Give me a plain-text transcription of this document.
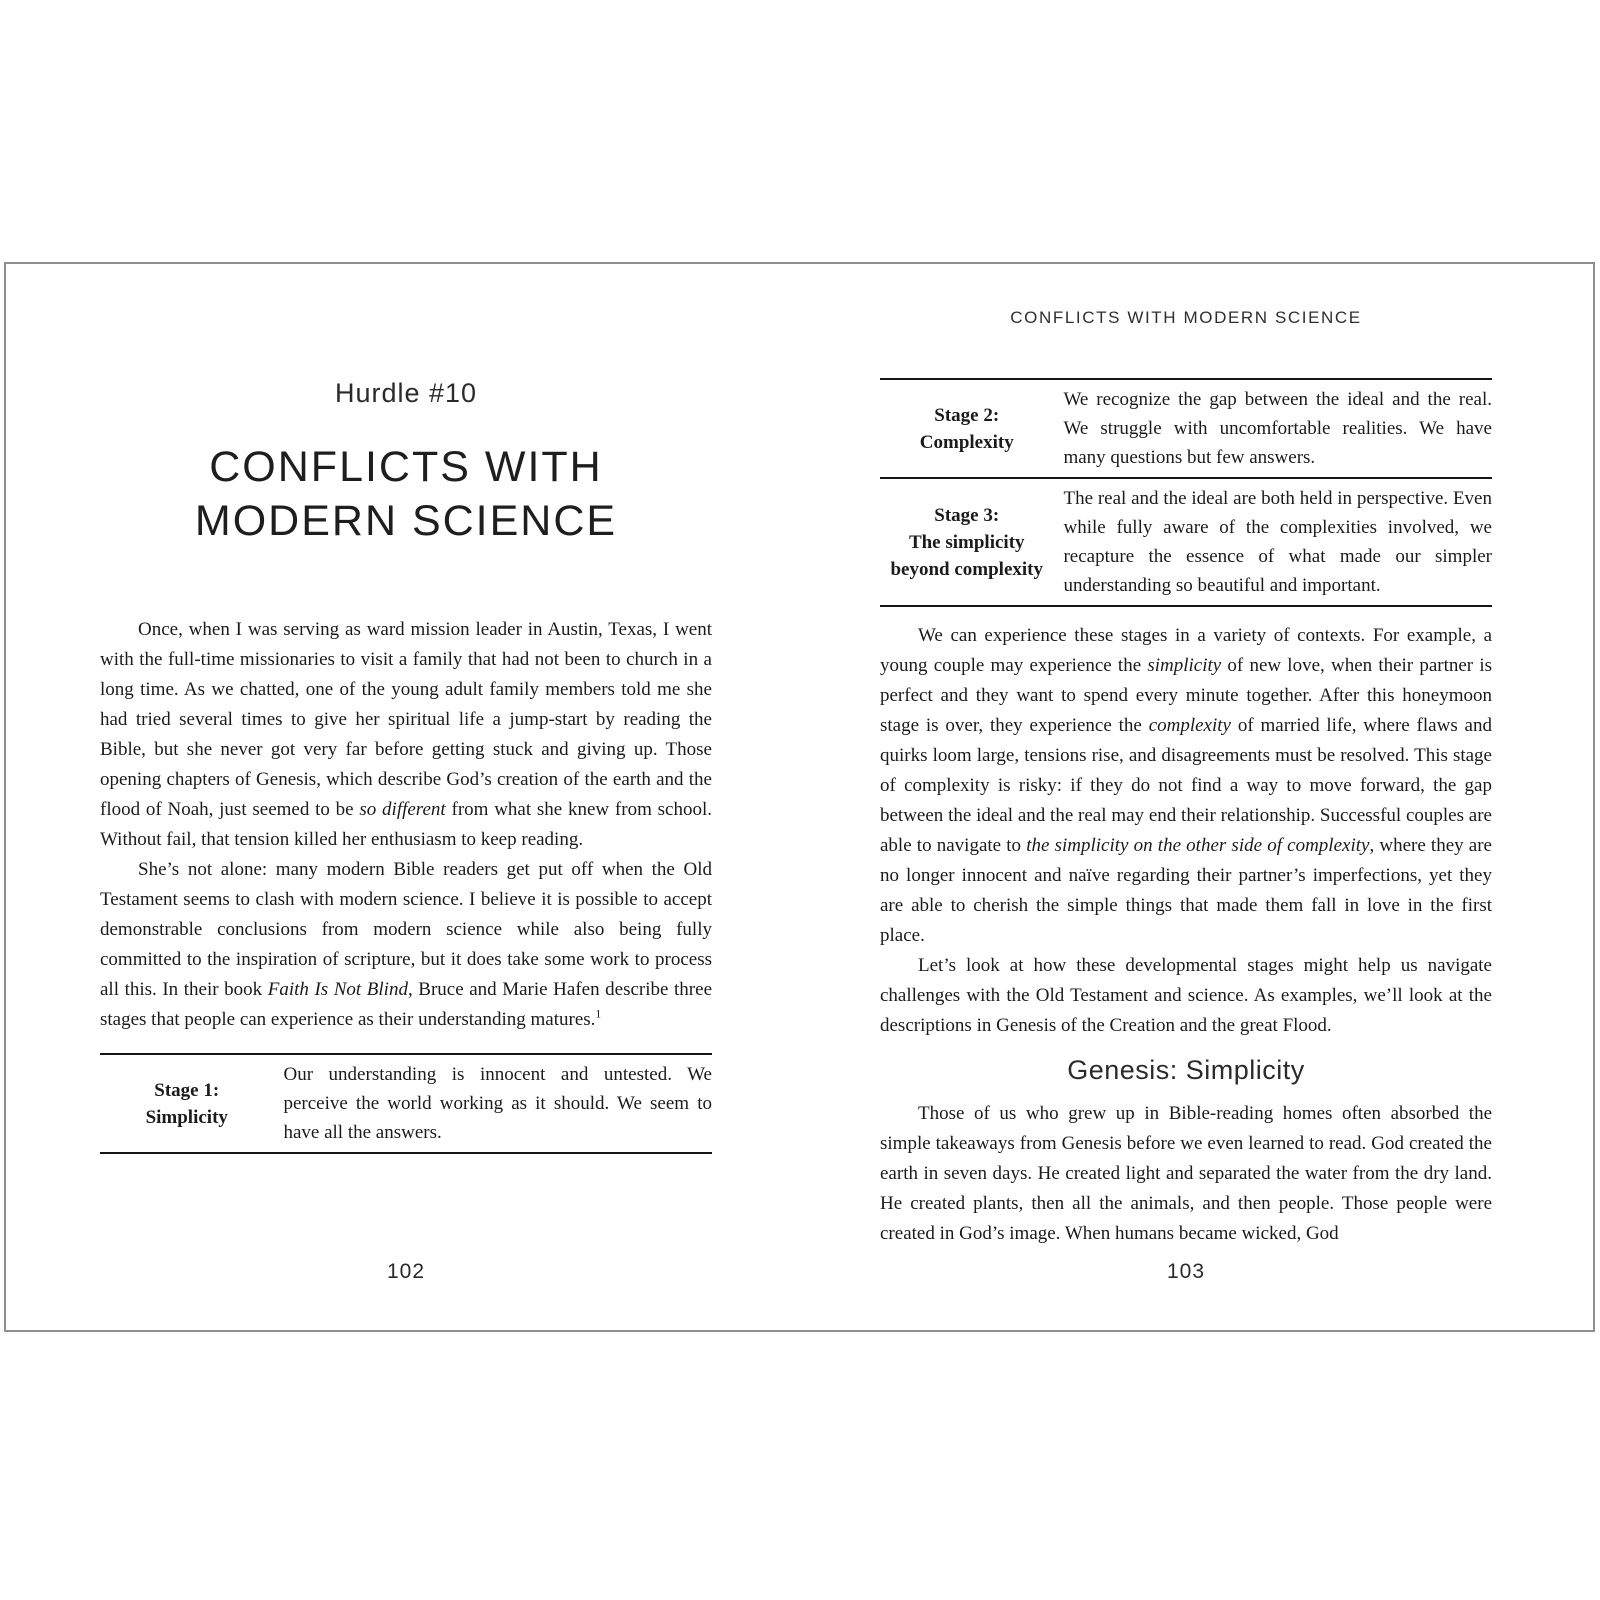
Hurdle #10
CONFLICTS WITH
MODERN SCIENCE

Once, when I was serving as ward mission leader in Austin, Texas, I went with the full-time missionaries to visit a family that had not been to church in a long time. As we chatted, one of the young adult family members told me she had tried several times to give her spiritual life a jump-start by reading the Bible, but she never got very far before getting stuck and giving up. Those opening chapters of Genesis, which describe God’s creation of the earth and the flood of Noah, just seemed to be so different from what she knew from school. Without fail, that tension killed her enthusiasm to keep reading.

She’s not alone: many modern Bible readers get put off when the Old Testament seems to clash with modern science. I believe it is possible to accept demonstrable conclusions from modern science while also being fully committed to the inspiration of scripture, but it does take some work to process all this. In their book Faith Is Not Blind, Bruce and Marie Hafen describe three stages that people can experience as their understanding matures.$^1$

Stage 1:
Simplicity
Our understanding is innocent and untested. We perceive the world working as it should. We seem to have all the answers.
102
CONFLICTS WITH MODERN SCIENCE
Stage 2:
Complexity
We recognize the gap between the ideal and the real. We struggle with uncomfortable realities. We have many questions but few answers.
Stage 3:
The simplicity
beyond complexity
The real and the ideal are both held in perspective. Even while fully aware of the complexities involved, we recapture the essence of what made our simpler understanding so beautiful and important.

We can experience these stages in a variety of contexts. For example, a young couple may experience the simplicity of new love, when their partner is perfect and they want to spend every minute together. After this honeymoon stage is over, they experience the complexity of married life, where flaws and quirks loom large, tensions rise, and disagreements must be resolved. This stage of complexity is risky: if they do not find a way to move forward, the gap between the ideal and the real may end their relationship. Successful couples are able to navigate to the simplicity on the other side of complexity, where they are no longer innocent and naïve regarding their partner’s imperfections, yet they are able to cherish the simple things that made them fall in love in the first place.

Let’s look at how these developmental stages might help us navigate challenges with the Old Testament and science. As examples, we’ll look at the descriptions in Genesis of the Creation and the great Flood.

Genesis: Simplicity

Those of us who grew up in Bible-reading homes often absorbed the simple takeaways from Genesis before we even learned to read. God created the earth in seven days. He created light and separated the water from the dry land. He created plants, then all the animals, and then people. Those people were created in God’s image. When humans became wicked, God

103
